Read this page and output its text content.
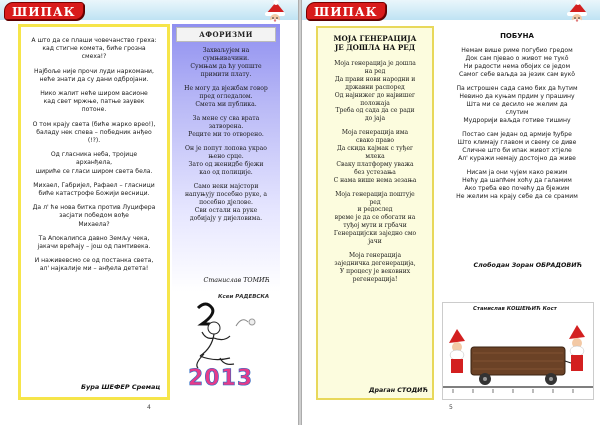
ШИПАК
А што да се плаши човечанство греха:
кад стигне комета, биће грозна
смеха!?
Најбоље није прочи луди наркомани,
неће знати да су дани одбројани.
Нико жалит неће широм васионе
кад свет мржње, патње заувек
потоне.
О том крају света (биће жарко врео!),
баладу нек спева – победник анђео
(!?).
Од гласника неба, тројице
арханђела,
шириће се гласи широм света бела.
Михаел, Габријел, Рафаел – гласници
биће катастрофе Божији весници.
Да л' ће нова битка против Луцифера
засјати победом вође
Михаела?
Та Апокалипса давно Земљу чека,
јакачи врећају – још од памтивека.
И наживевсмо се од постанка света,
ал' најкалије ми – анђела детета!
Бура ШЕФЕР Сремац
АФОРИЗМИ
Захваљујем на
сумњивачини.
Сумњам да ћу уопште
примити плату.
Не могу да вјежбам говор
пред огледалом.
Смета ми публика.
За мене су сва врата
затворена.
Реците ми то отворено.
Он је попут лопова украо
њено срце.
Зато од женидбе бјежи
као од полиције.
Само неки мајстори
напуњују посебно руке, а
посебно дјелове.
Сви остали на руке
добијају у дијеловима.
Станислав ТОМИЋ
Ксеи РАДЕВСКА
2013
4
ШИПАК
МОЈА ГЕНЕРАЦИЈА
ЈЕ ДОШЛА НА РЕД
Моја генерација је дошла
на ред
Да прави нови народни и
државни распоред
Од најнижег до највишег
положаја
Треба од сада да се ради
до јаја
Моја генерација има
свако право
Да скида кајмак с туђег
млека
Свакy платформу уважа
без устезања
С нама више нема зезања
Моја генерација поштује
ред
и редослед
време је да се обогати на
туђој мути и грбачи
Генерацијски заједно смо
јачи
Моја генерација
заједничка дегенерација,
У процесу је вековних
регенерација!
Драган СТОДИЋ
ПОБУНА
Немам више риме погубио гредом
Док сам пјевао о живот ме тукô
Ни радости нема обојих се једом
Самог себе ваљда за језик сам вукô
Па истрошен сада само бих да ћутим
Невино да куњам прдим у прашину
Шта ми се десило не желим да
слутим
Мудрорији ваљда готиве тишину
Постао сам један од армије ђубре
Што климају главом и свему се диве
Сличне што би ипак живот хтјеле
Ал' куражи немају достојно да живе
Нисам ја они чујем како режим
Нећу да шапћем хоћу да галамим
Ако треба ево почећу да бјежим
Не желим на крају себе да се срамим
Слободан Зоран ОБРАДОВИЋ
Станислав КОШЕЊИЋ Кост
5
